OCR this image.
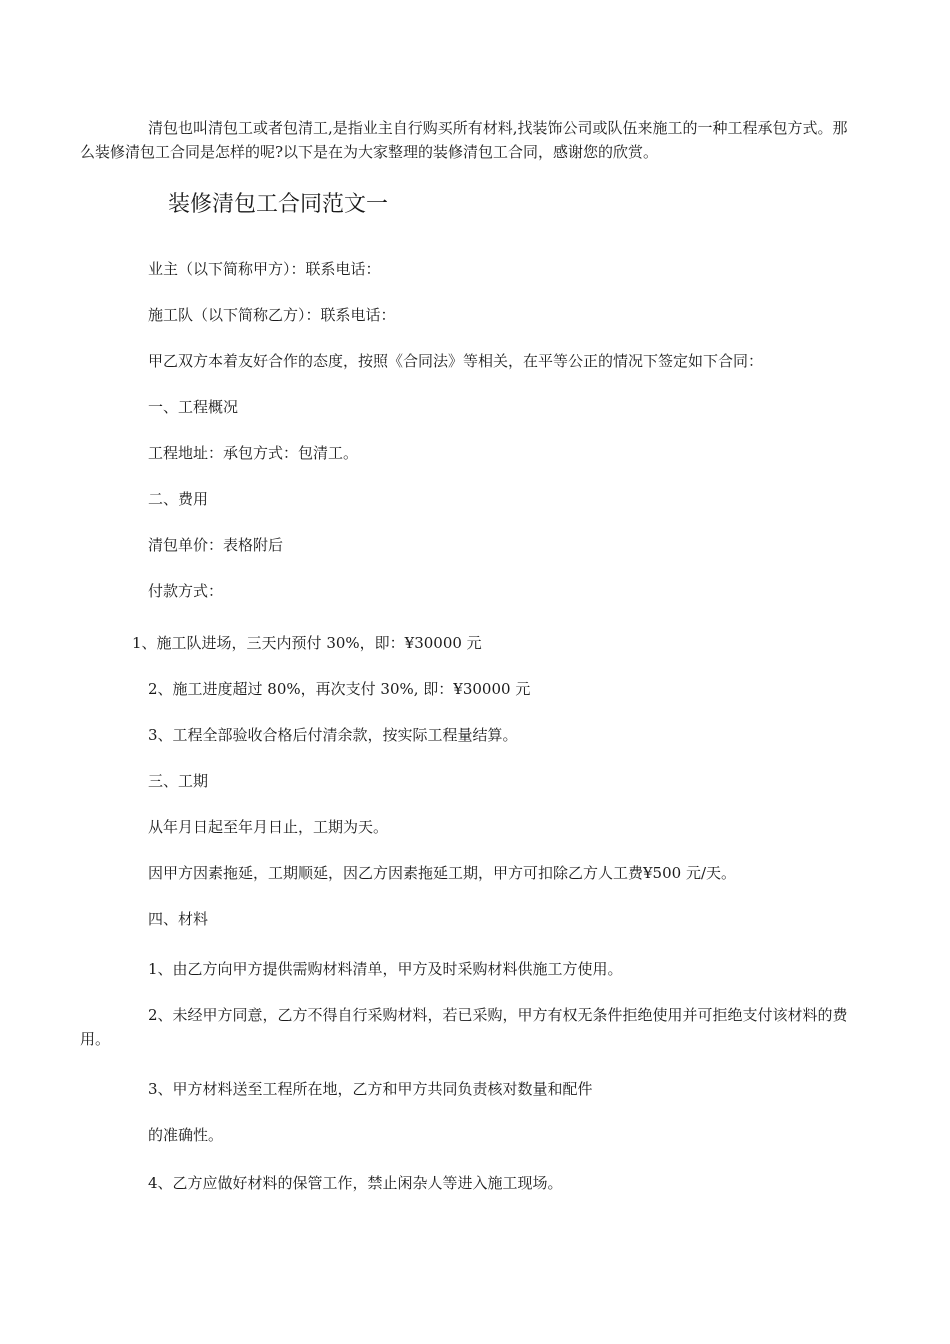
清包也叫清包工或者包清工,是指业主自行购买所有材料,找装饰公司或队伍来施工的一种工程承包方式。那么装修清包工合同是怎样的呢?以下是在为大家整理的装修清包工合同，感谢您的欣赏。

装修清包工合同范文一

业主（以下简称甲方）：联系电话：

施工队（以下简称乙方）：联系电话：

甲乙双方本着友好合作的态度，按照《合同法》等相关，在平等公正的情况下签定如下合同：

一、工程概况

工程地址：承包方式：包清工。

二、费用

清包单价：表格附后

付款方式：

1、施工队进场，三天内预付 30%，即：¥30000 元

2、施工进度超过 80%，再次支付 30%, 即：¥30000 元

3、工程全部验收合格后付清余款，按实际工程量结算。

三、工期

从年月日起至年月日止，工期为天。

因甲方因素拖延，工期顺延，因乙方因素拖延工期，甲方可扣除乙方人工费¥500 元/天。

四、材料

1、由乙方向甲方提供需购材料清单，甲方及时采购材料供施工方使用。

2、未经甲方同意，乙方不得自行采购材料，若已采购，甲方有权无条件拒绝使用并可拒绝支付该材料的费用。

3、甲方材料送至工程所在地，乙方和甲方共同负责核对数量和配件

的准确性。

4、乙方应做好材料的保管工作，禁止闲杂人等进入施工现场。
